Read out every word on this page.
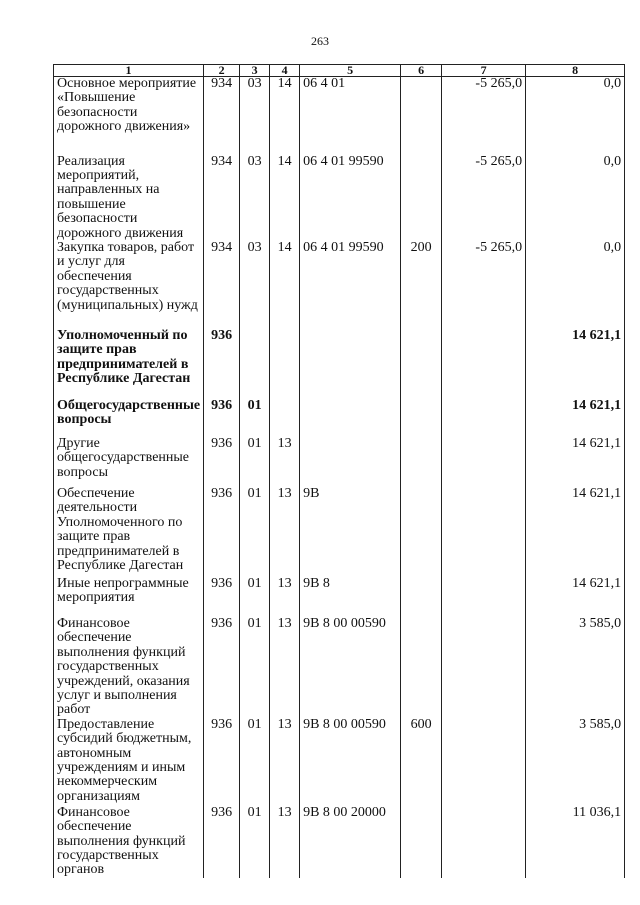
263
1	2	3	4	5	6	7	8
Основное мероприятие «Повышение безопасности дорожного движения»	934	03	14	06 4 01		-5 265,0	0,0
Реализация мероприятий, направленных на повышение безопасности дорожного движения	934	03	14	06 4 01 99590		-5 265,0	0,0
Закупка товаров, работ и услуг для обеспечения государственных (муниципальных) нужд	934	03	14	06 4 01 99590	200	-5 265,0	0,0
Уполномоченный по защите прав предпринимателей в Республике Дагестан	936						14 621,1
Общегосударственные вопросы	936	01					14 621,1
Другие общегосударственные вопросы	936	01	13				14 621,1
Обеспечение деятельности Уполномоченного по защите прав предпринимателей в Республике Дагестан	936	01	13	9В			14 621,1
Иные непрограммные мероприятия	936	01	13	9В 8			14 621,1
Финансовое обеспечение выполнения функций государственных учреждений, оказания услуг и выполнения работ	936	01	13	9В 8 00 00590			3 585,0
Предоставление субсидий бюджетным, автономным учреждениям и иным некоммерческим организациям	936	01	13	9В 8 00 00590	600		3 585,0
Финансовое обеспечение выполнения функций государственных органов	936	01	13	9В 8 00 20000			11 036,1
